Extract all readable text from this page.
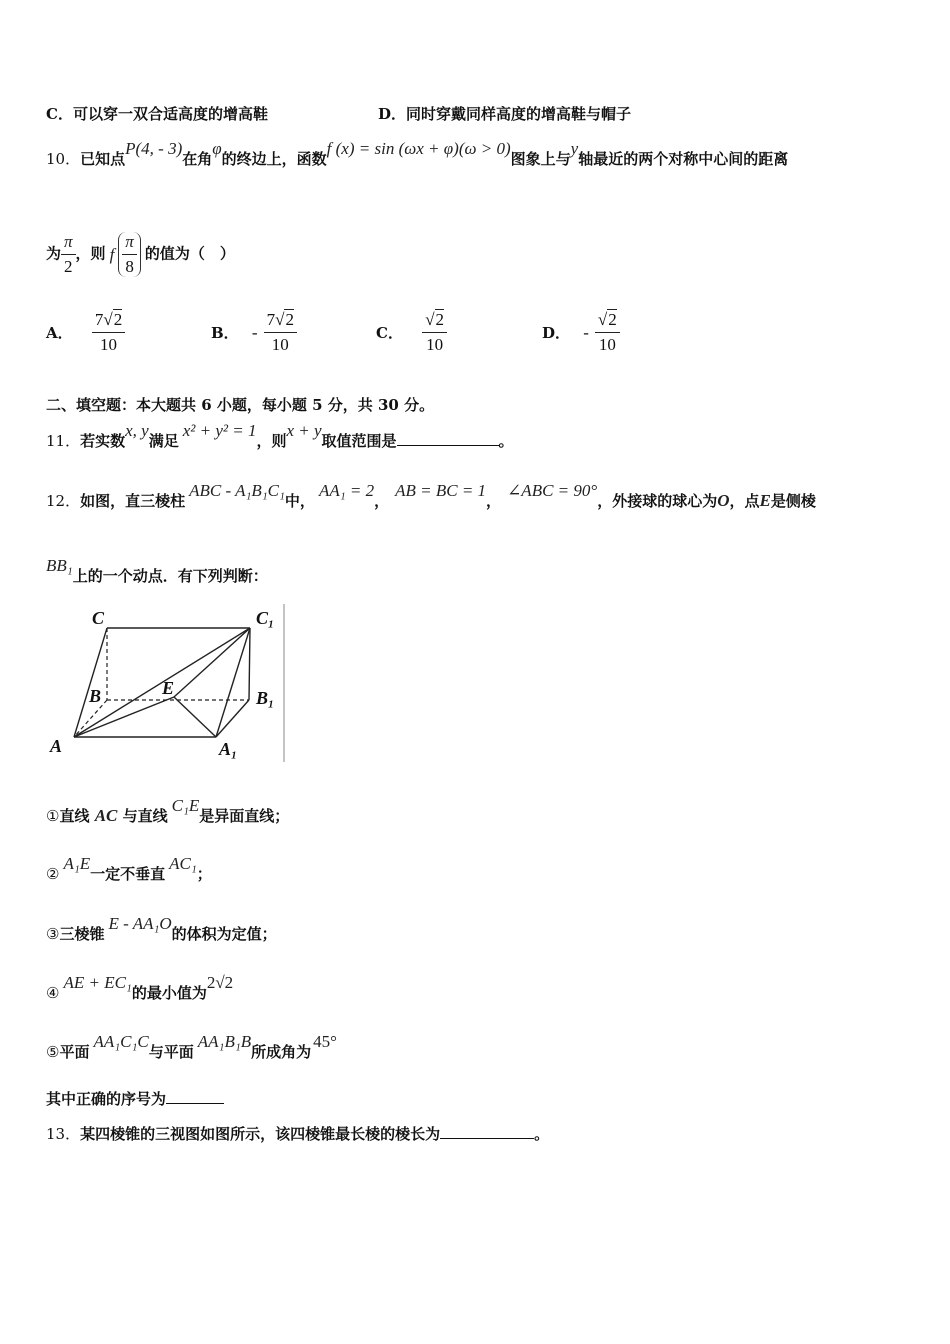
C．可以穿一双合适高度的增高鞋	D．同时穿戴同样高度的增高鞋与帽子
10．已知点P(4, - 3)在角φ的终边上，函数f (x) = sin (ωx + φ)(ω > 0)图象上与y轴最近的两个对称中心间的距离
为 $\frac{\pi}{2}$ ，则 f $\frac{\pi}{8}$ 的值为（　）
A． $\frac{7√2}{10}$	B． - $\frac{7√2}{10}$	C． $\frac{√2}{10}$	D． - $\frac{√2}{10}$
二、填空题：本大题共 6 小题，每小题 5 分，共 30 分。
11．若实数x, y满足x² + y² = 1，则x + y取值范围是	。
12．如图，直三棱柱ABC - A₁B₁C₁中，AA₁ = 2，AB = BC = 1，∠ABC = 90°，外接球的球心为O，点E是侧棱
BB₁上的一个动点．有下列判断：
C	C₁
B	E	B₁
A	A₁
①直线 AC 与直线C₁E是异面直线；
②A₁E一定不垂直AC₁；
③三棱锥E - AA₁O的体积为定值；
④AE + EC₁的最小值为2√2
⑤平面AA₁C₁C与平面AA₁B₁B所成角为45°
其中正确的序号为
13．某四棱锥的三视图如图所示，该四棱锥最长棱的棱长为	。
